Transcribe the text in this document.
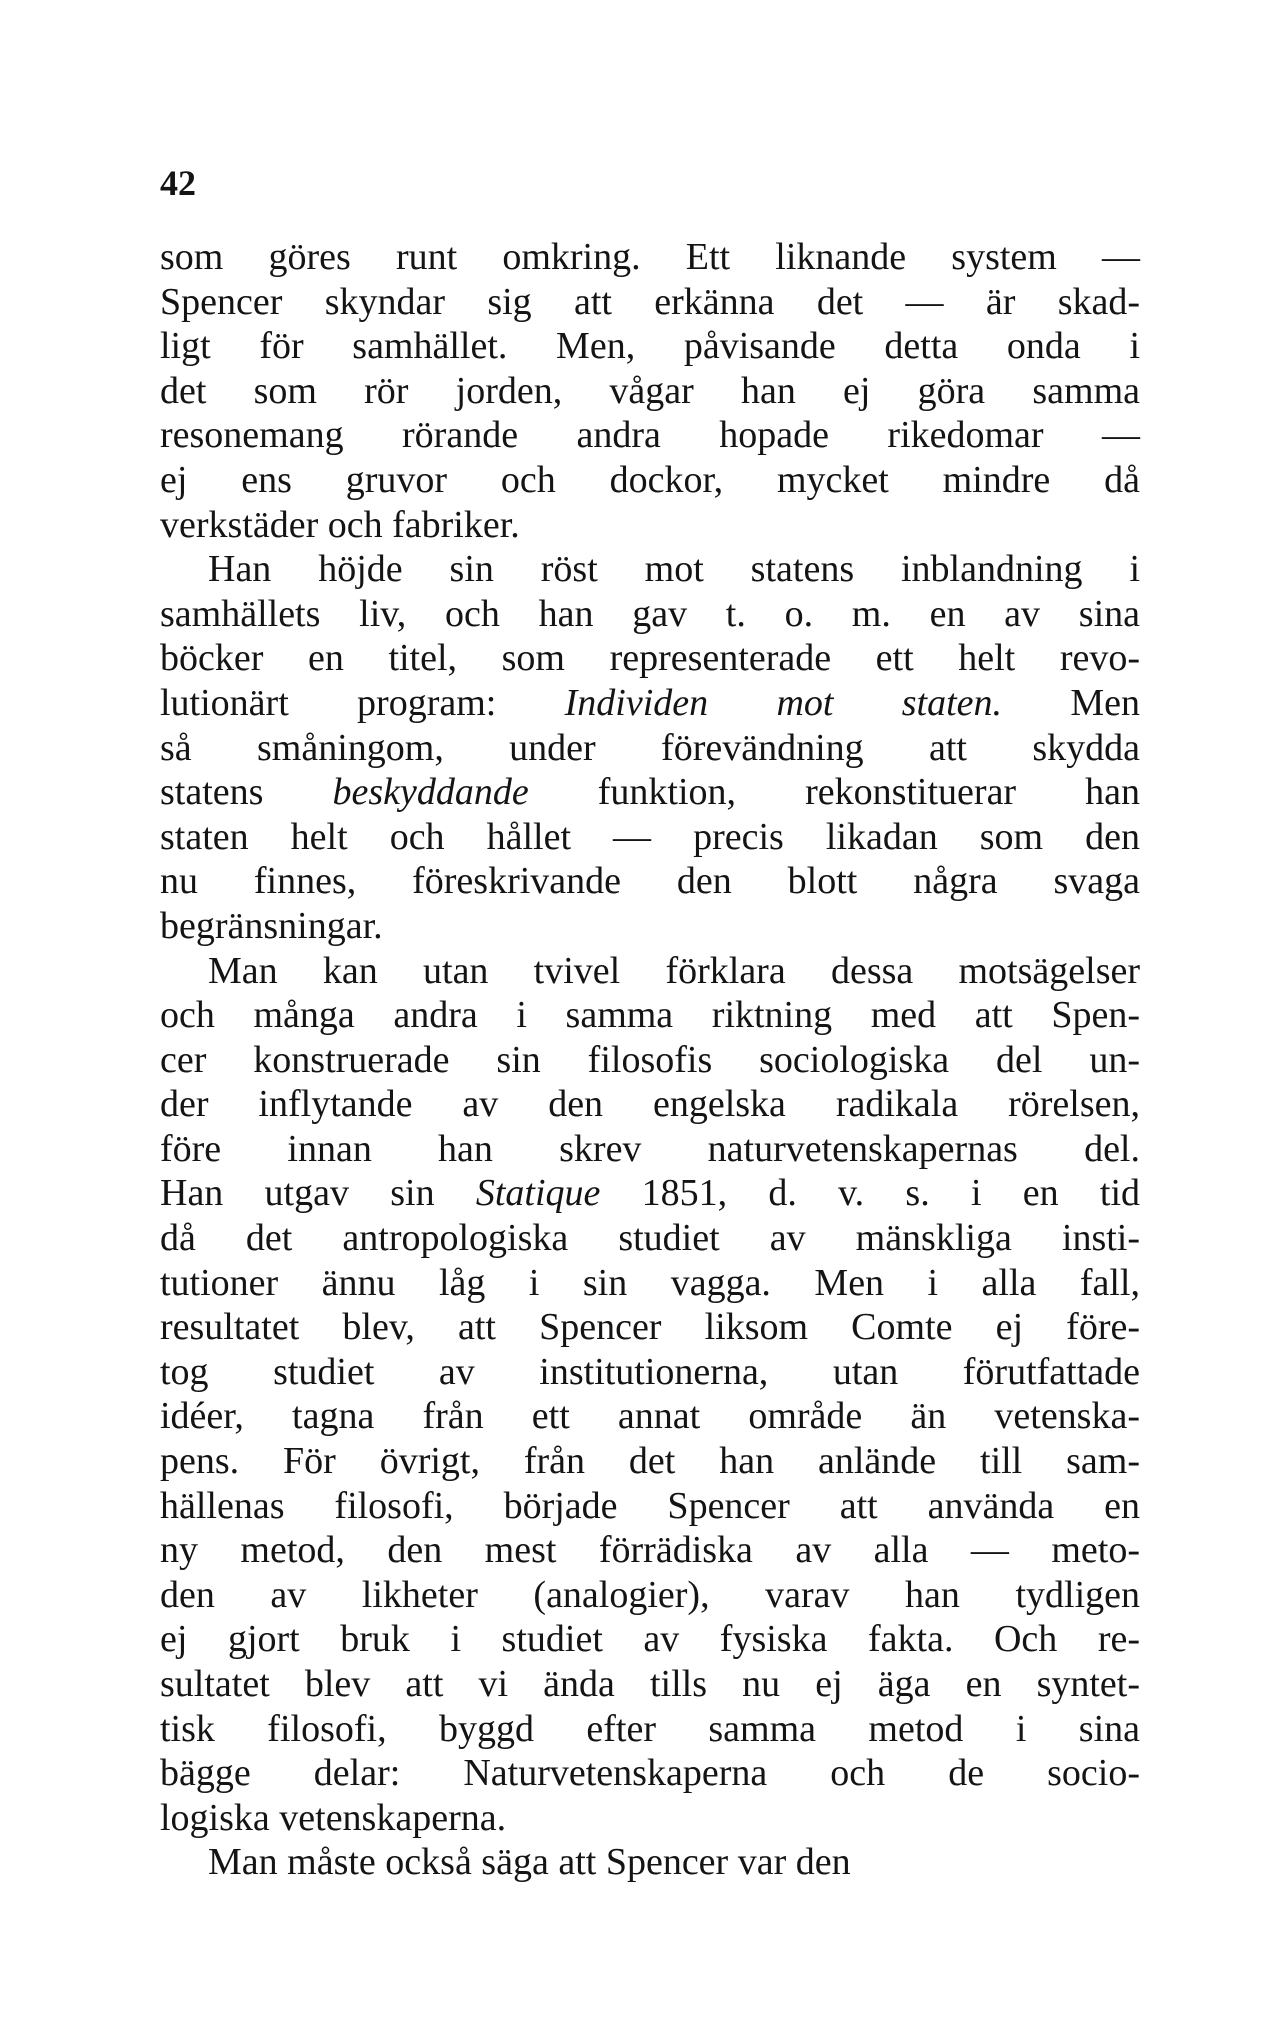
42
som göres runt omkring. Ett liknande system —
Spencer skyndar sig att erkänna det — är skad-
ligt för samhället. Men, påvisande detta onda i
det som rör jorden, vågar han ej göra samma
resonemang rörande andra hopade rikedomar —
ej ens gruvor och dockor, mycket mindre då
verkstäder och fabriker.
Han höjde sin röst mot statens inblandning i
samhällets liv, och han gav t. o. m. en av sina
böcker en titel, som representerade ett helt revo-
lutionärt program: Individen mot staten. Men
så småningom, under förevändning att skydda
statens beskyddande funktion, rekonstituerar han
staten helt och hållet — precis likadan som den
nu finnes, föreskrivande den blott några svaga
begränsningar.
Man kan utan tvivel förklara dessa motsägelser
och många andra i samma riktning med att Spen-
cer konstruerade sin filosofis sociologiska del un-
der inflytande av den engelska radikala rörelsen,
före innan han skrev naturvetenskapernas del.
Han utgav sin Statique 1851, d. v. s. i en tid
då det antropologiska studiet av mänskliga insti-
tutioner ännu låg i sin vagga. Men i alla fall,
resultatet blev, att Spencer liksom Comte ej före-
tog studiet av institutionerna, utan förutfattade
idéer, tagna från ett annat område än vetenska-
pens. För övrigt, från det han anlände till sam-
hällenas filosofi, började Spencer att använda en
ny metod, den mest förrädiska av alla — meto-
den av likheter (analogier), varav han tydligen
ej gjort bruk i studiet av fysiska fakta. Och re-
sultatet blev att vi ända tills nu ej äga en syntet-
tisk filosofi, byggd efter samma metod i sina
bägge delar: Naturvetenskaperna och de socio-
logiska vetenskaperna.
Man måste också säga att Spencer var den
